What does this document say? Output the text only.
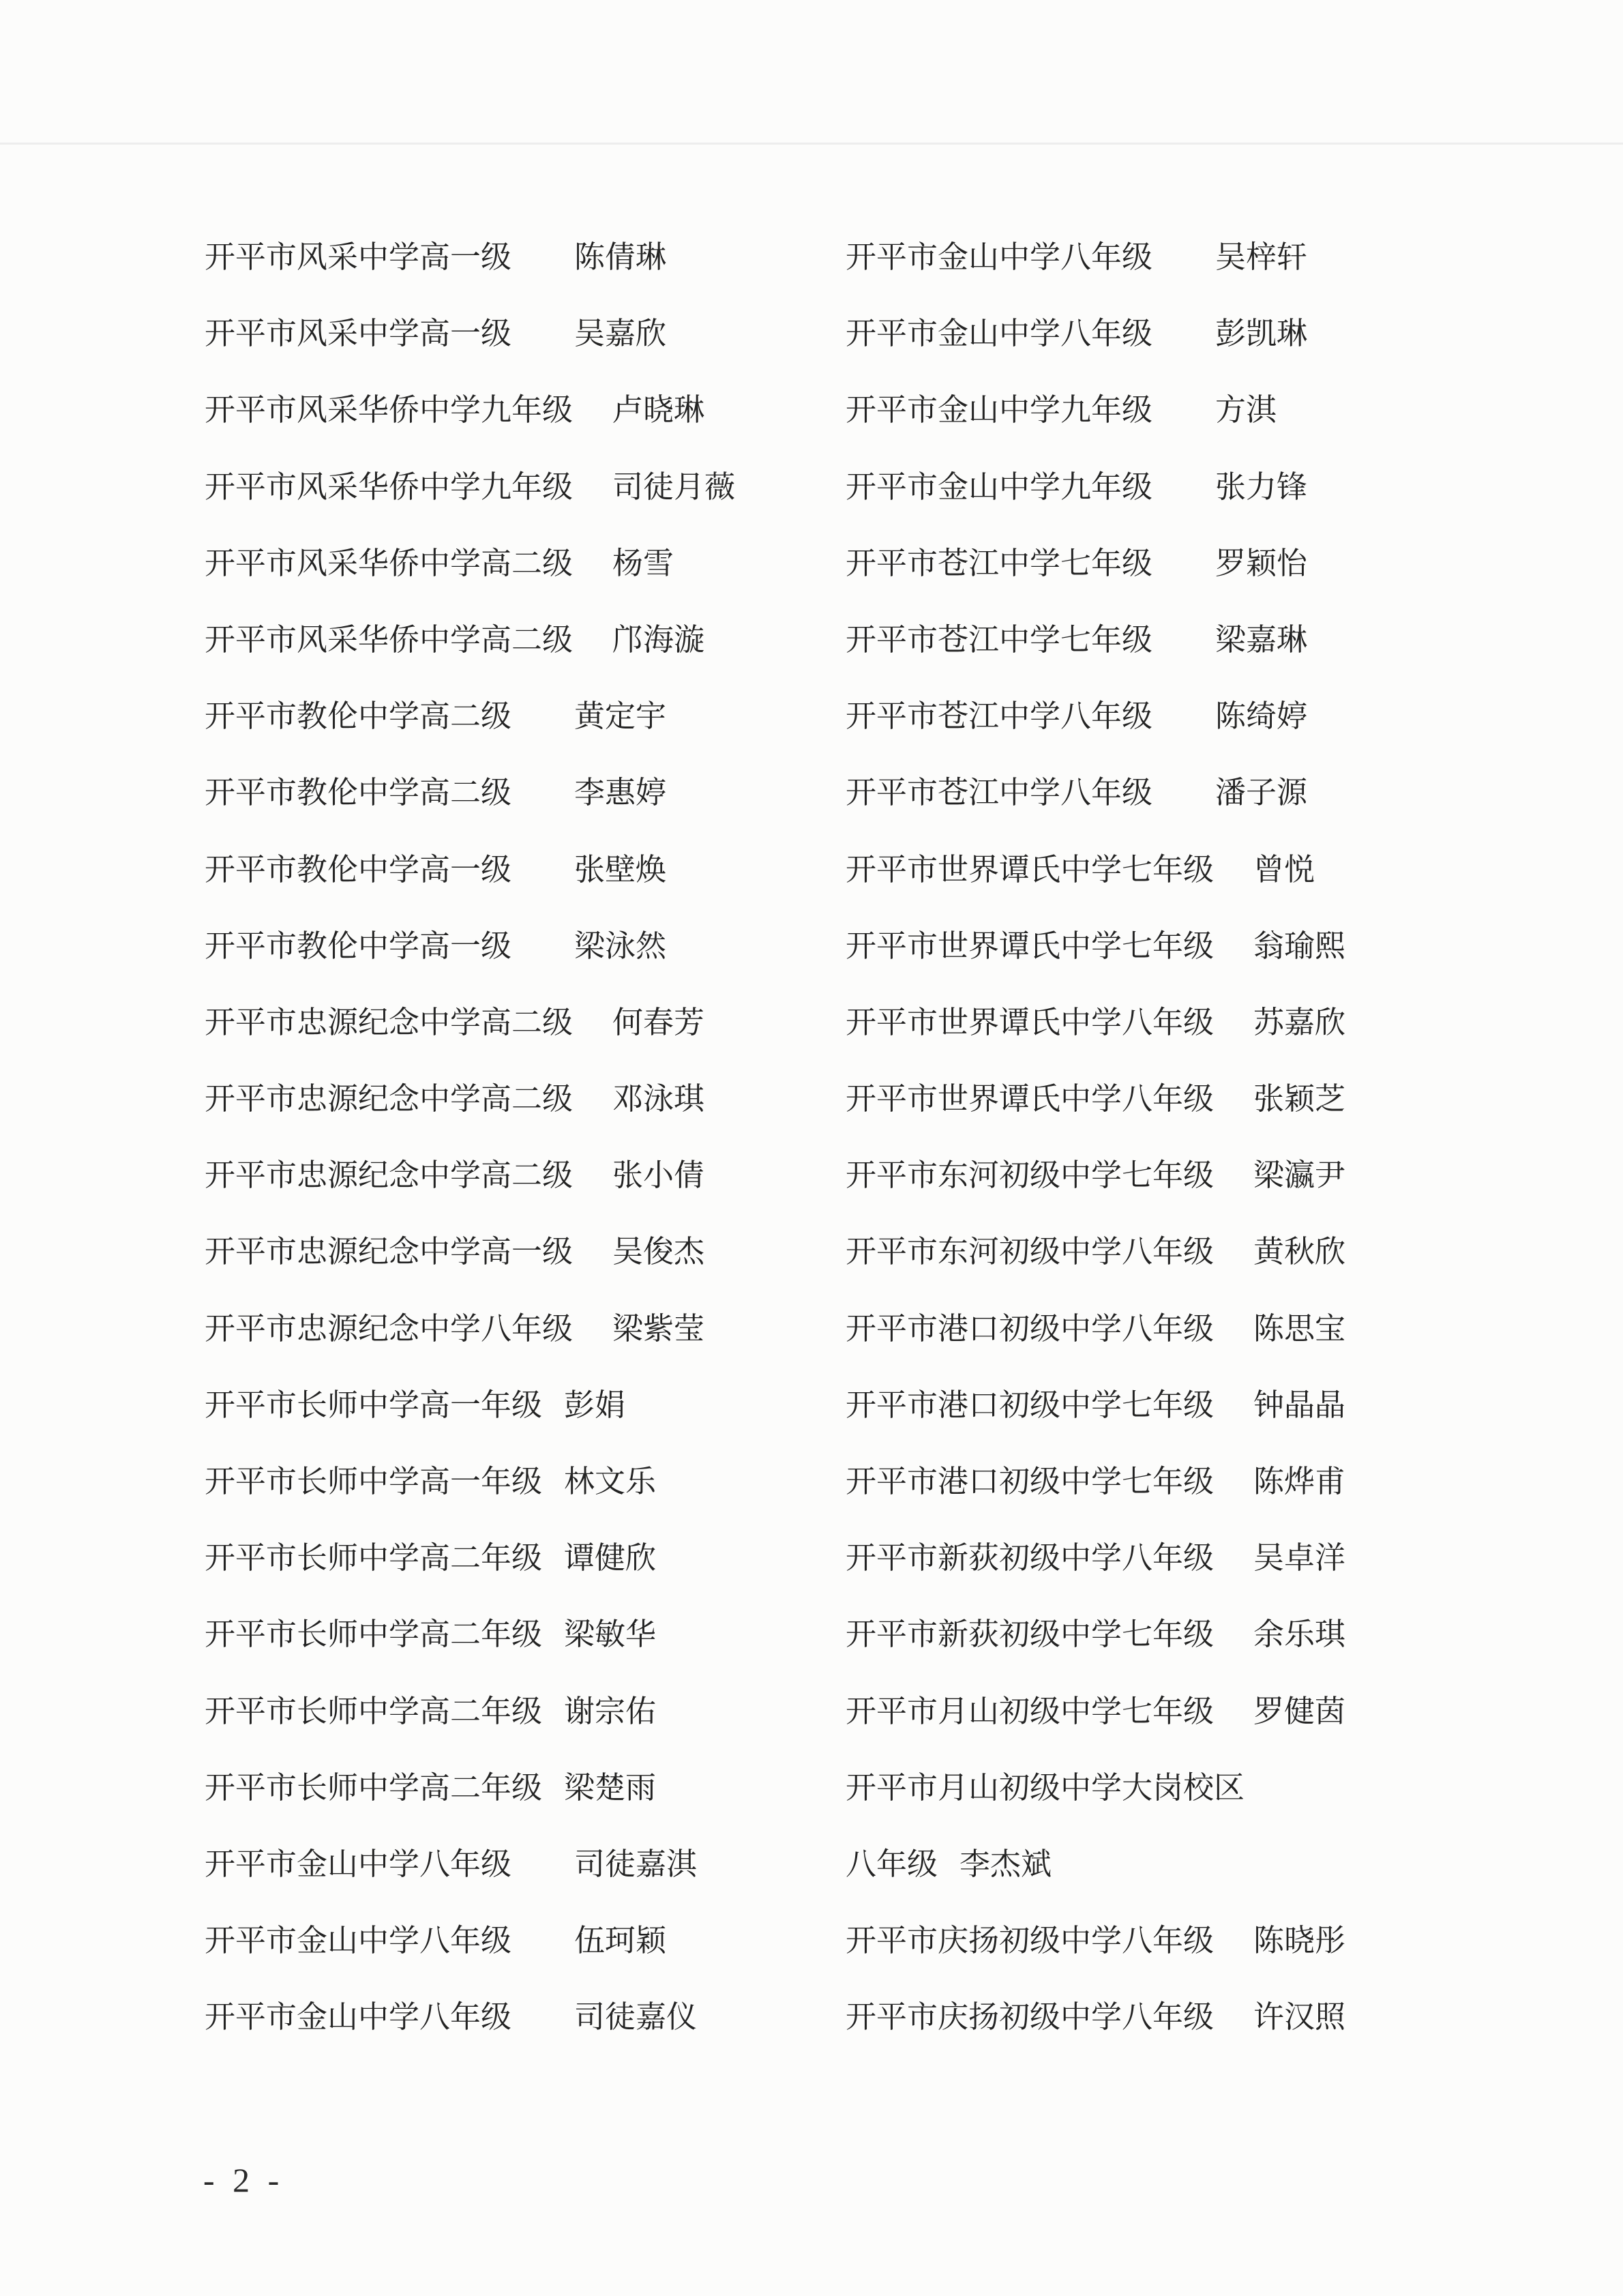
开平市风采中学高一级 陈倩琳
开平市风采中学高一级 吴嘉欣
开平市风采华侨中学九年级 卢晓琳
开平市风采华侨中学九年级 司徒月薇
开平市风采华侨中学高二级 杨雪
开平市风采华侨中学高二级 邝海漩
开平市教伦中学高二级 黄定宇
开平市教伦中学高二级 李惠婷
开平市教伦中学高一级 张壁焕
开平市教伦中学高一级 梁泳然
开平市忠源纪念中学高二级 何春芳
开平市忠源纪念中学高二级 邓泳琪
开平市忠源纪念中学高二级 张小倩
开平市忠源纪念中学高一级 吴俊杰
开平市忠源纪念中学八年级 梁紫莹
开平市长师中学高一年级 彭娟
开平市长师中学高一年级 林文乐
开平市长师中学高二年级 谭健欣
开平市长师中学高二年级 梁敏华
开平市长师中学高二年级 谢宗佑
开平市长师中学高二年级 梁楚雨
开平市金山中学八年级 司徒嘉淇
开平市金山中学八年级 伍珂颖
开平市金山中学八年级 司徒嘉仪
开平市金山中学八年级 吴梓轩
开平市金山中学八年级 彭凯琳
开平市金山中学九年级 方淇
开平市金山中学九年级 张力锋
开平市苍江中学七年级 罗颖怡
开平市苍江中学七年级 梁嘉琳
开平市苍江中学八年级 陈绮婷
开平市苍江中学八年级 潘子源
开平市世界谭氏中学七年级 曾悦
开平市世界谭氏中学七年级 翁瑜熙
开平市世界谭氏中学八年级 苏嘉欣
开平市世界谭氏中学八年级 张颖芝
开平市东河初级中学七年级 梁瀛尹
开平市东河初级中学八年级 黄秋欣
开平市港口初级中学八年级 陈思宝
开平市港口初级中学七年级 钟晶晶
开平市港口初级中学七年级 陈烨甫
开平市新荻初级中学八年级 吴卓洋
开平市新荻初级中学七年级 余乐琪
开平市月山初级中学七年级 罗健茵
开平市月山初级中学大岗校区
八年级 李杰斌
开平市庆扬初级中学八年级 陈晓彤
开平市庆扬初级中学八年级 许汉照
- 2 -
